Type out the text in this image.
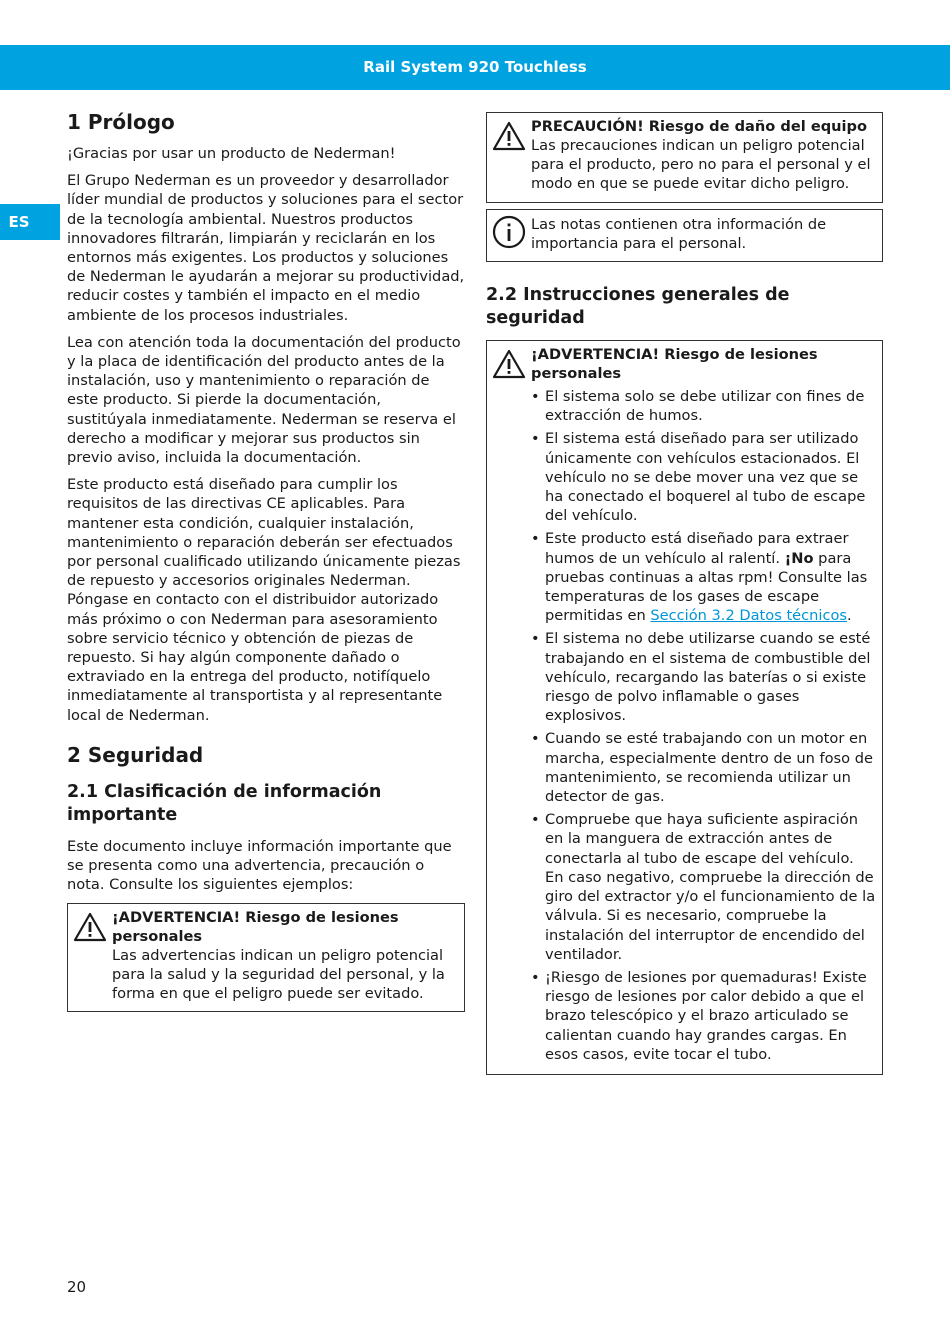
Rail System 920 Touchless
ES
1 Prólogo

¡Gracias por usar un producto de Nederman!

El Grupo Nederman es un proveedor y desarrollador líder mundial de productos y soluciones para el sector de la tecnología ambiental. Nuestros productos innovadores filtrarán, limpiarán y reciclarán en los entornos más exigentes. Los productos y soluciones de Nederman le ayudarán a mejorar su productividad, reducir costes y también el impacto en el medio ambiente de los procesos industriales.

Lea con atención toda la documentación del producto y la placa de identificación del producto antes de la instalación, uso y mantenimiento o reparación de este producto. Si pierde la documentación, sustitúyala inmediatamente. Nederman se reserva el derecho a modificar y mejorar sus productos sin previo aviso, incluida la documentación.

Este producto está diseñado para cumplir los requisitos de las directivas CE aplicables. Para mantener esta condición, cualquier instalación, mantenimiento o reparación deberán ser efectuados por personal cualificado utilizando únicamente piezas de repuesto y accesorios originales Nederman. Póngase en contacto con el distribuidor autorizado más próximo o con Nederman para asesoramiento sobre servicio técnico y obtención de piezas de repuesto. Si hay algún componente dañado o extraviado en la entrega del producto, notifíquelo inmediatamente al transportista y al representante local de Nederman.

2 Seguridad
2.1 Clasificación de información importante

Este documento incluye información importante que se presenta como una advertencia, precaución o nota. Consulte los siguientes ejemplos:

¡ADVERTENCIA! Riesgo de lesiones personales
Las advertencias indican un peligro potencial para la salud y la seguridad del personal, y la forma en que el peligro puede ser evitado.
PRECAUCIÓN! Riesgo de daño del equipo
Las precauciones indican un peligro potencial para el producto, pero no para el personal y el modo en que se puede evitar dicho peligro.
Las notas contienen otra información de importancia para el personal.
2.2 Instrucciones generales de seguridad
¡ADVERTENCIA! Riesgo de lesiones personales
• El sistema solo se debe utilizar con fines de extracción de humos.
• El sistema está diseñado para ser utilizado únicamente con vehículos estacionados. El vehículo no se debe mover una vez que se ha conectado el boquerel al tubo de escape del vehículo.
• Este producto está diseñado para extraer humos de un vehículo al ralentí. ¡No para pruebas continuas a altas rpm! Consulte las temperaturas de los gases de escape permitidas en Sección 3.2 Datos técnicos.
• El sistema no debe utilizarse cuando se esté trabajando en el sistema de combustible del vehículo, recargando las baterías o si existe riesgo de polvo inflamable o gases explosivos.
• Cuando se esté trabajando con un motor en marcha, especialmente dentro de un foso de mantenimiento, se recomienda utilizar un detector de gas.
• Compruebe que haya suficiente aspiración en la manguera de extracción antes de conectarla al tubo de escape del vehículo. En caso negativo, compruebe la dirección de giro del extractor y/o el funcionamiento de la válvula. Si es necesario, compruebe la instalación del interruptor de encendido del ventilador.
• ¡Riesgo de lesiones por quemaduras! Existe riesgo de lesiones por calor debido a que el brazo telescópico y el brazo articulado se calientan cuando hay grandes cargas. En esos casos, evite tocar el tubo.
20
